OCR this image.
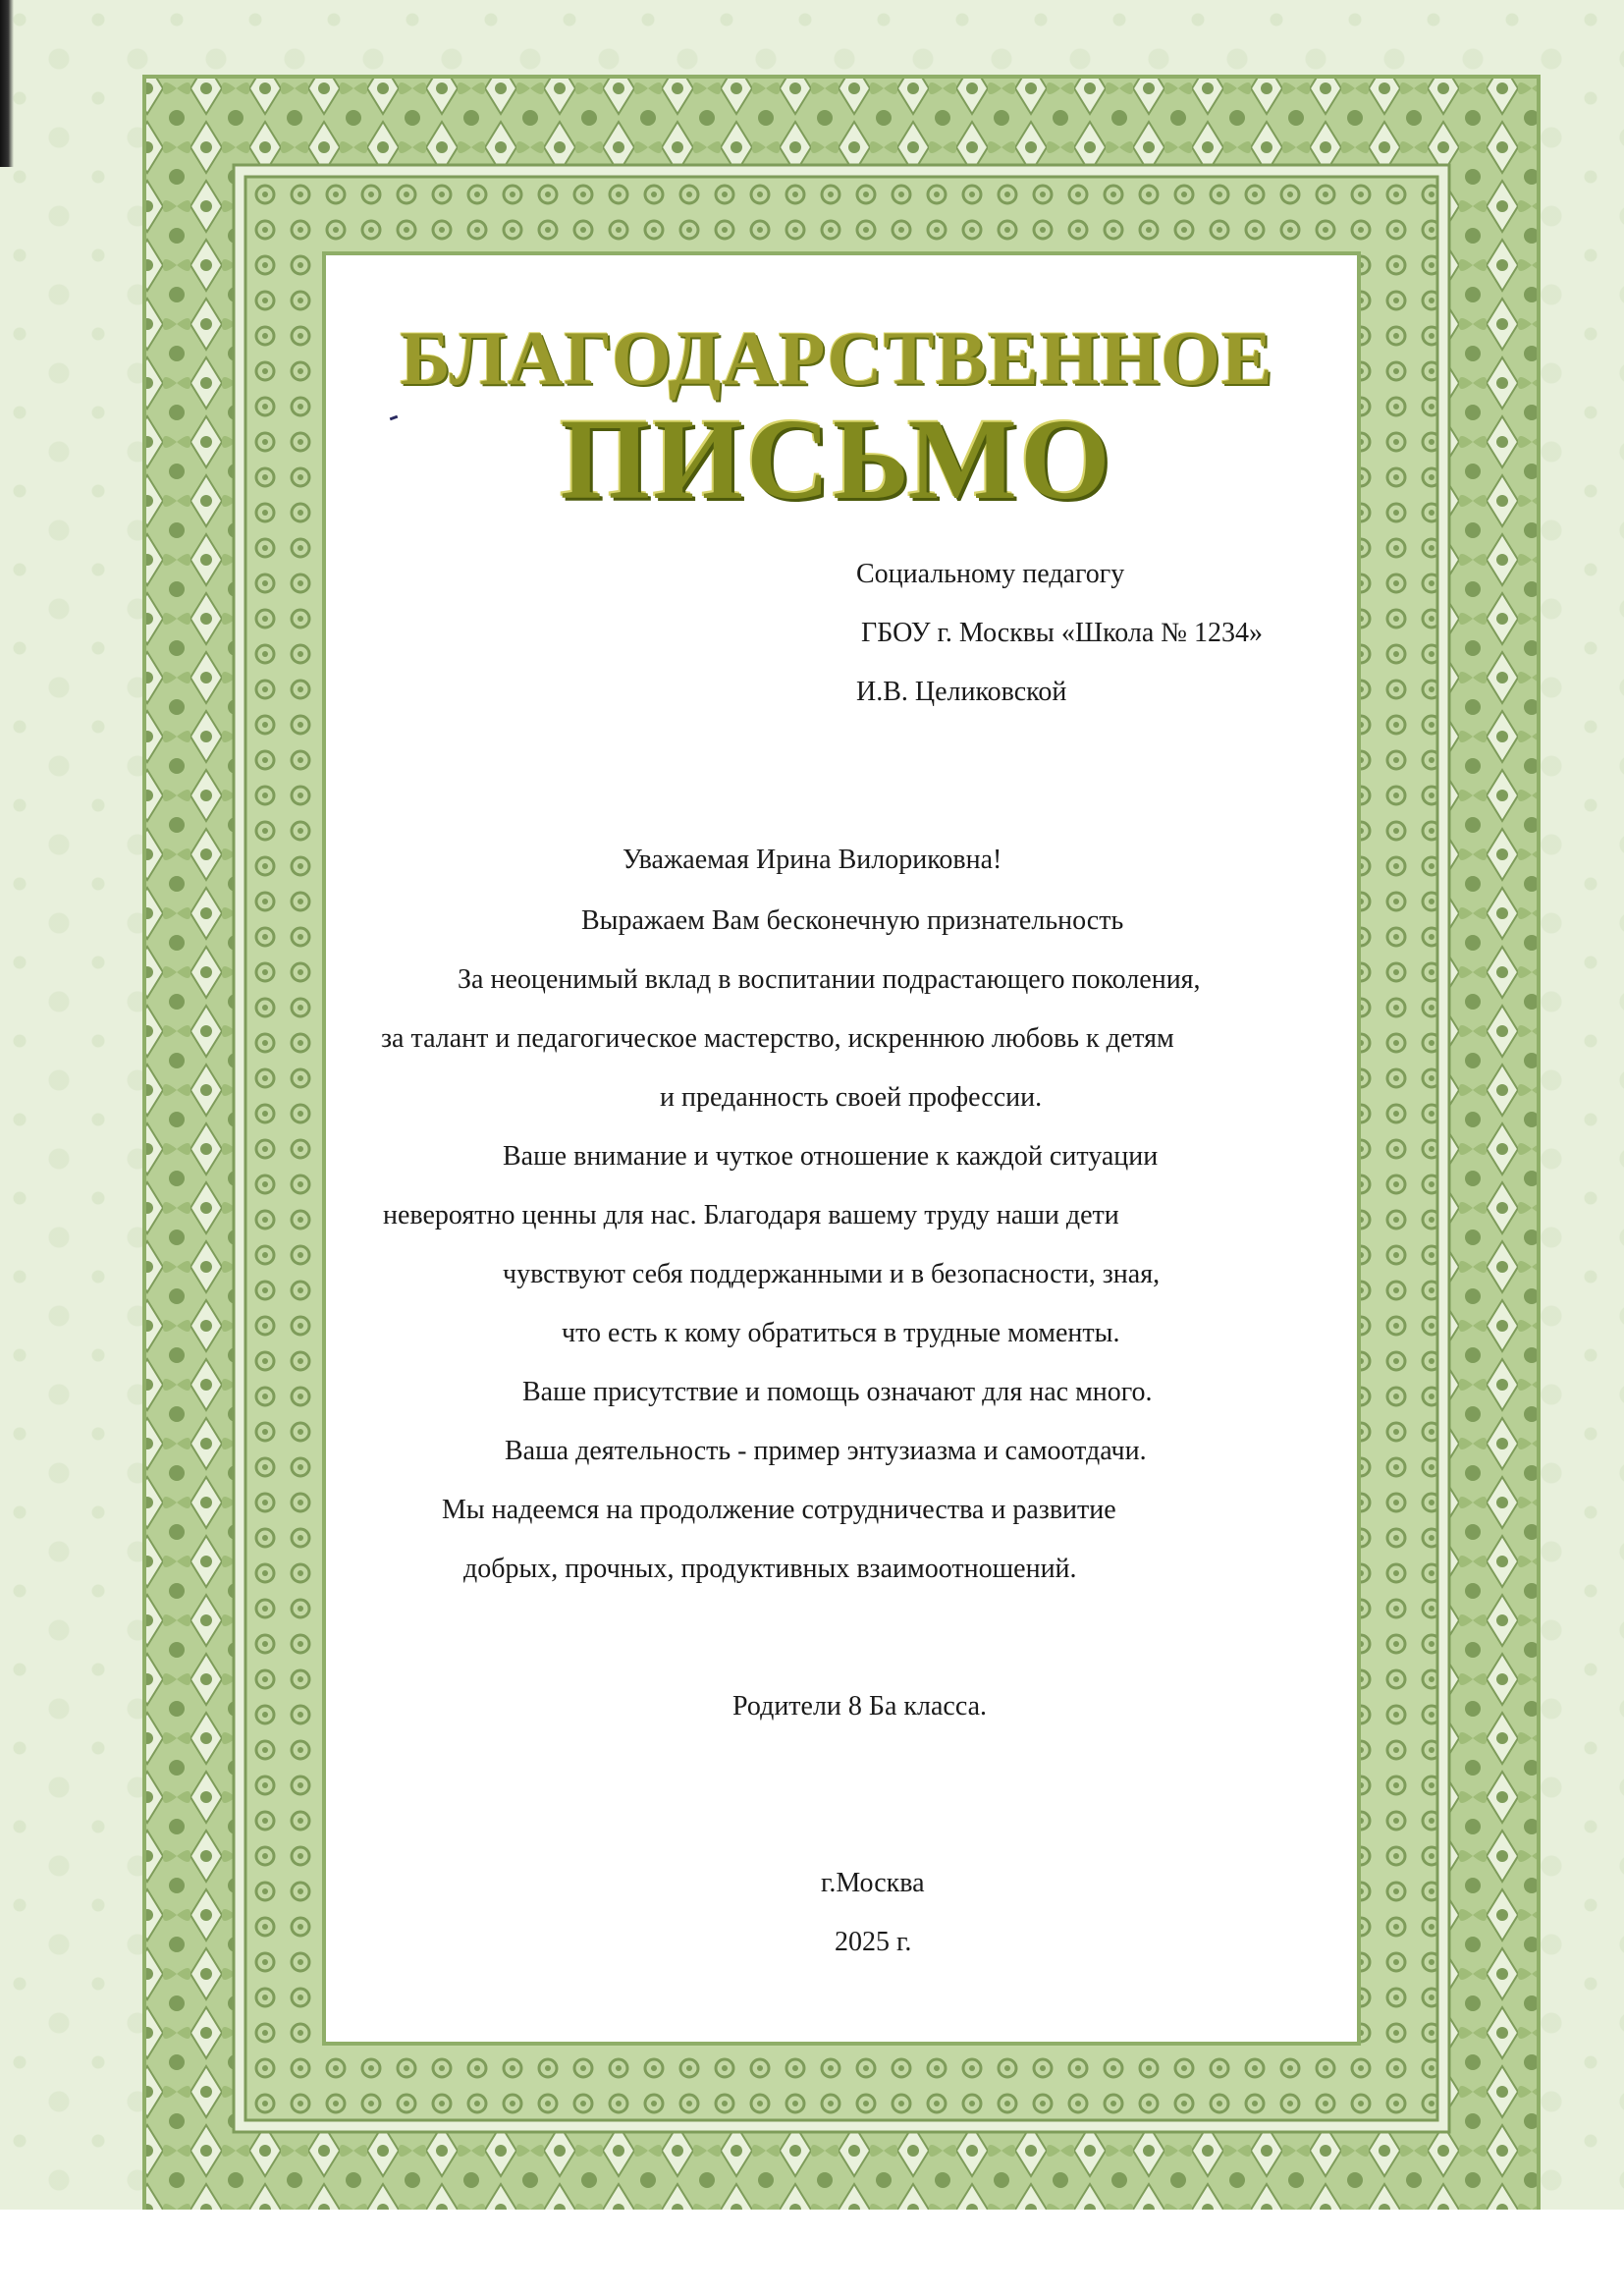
БЛАГОДАРСТВЕННОЕ
ПИСЬМО
Социальному педагогу
ГБОУ г. Москвы «Школа № 1234»
И.В. Целиковской
Уважаемая Ирина Вилориковна!
Выражаем Вам бесконечную признательность
За неоценимый вклад в воспитании подрастающего поколения,
за талант и педагогическое мастерство, искреннюю любовь к детям
и преданность своей профессии.
Ваше внимание и чуткое отношение к каждой ситуации
невероятно ценны для нас. Благодаря вашему труду наши дети
чувствуют себя поддержанными и в безопасности, зная,
что есть к кому обратиться в трудные моменты.
Ваше присутствие и помощь означают для нас много.
Ваша деятельность - пример энтузиазма и самоотдачи.
Мы надеемся на продолжение сотрудничества и развитие
добрых, прочных, продуктивных взаимоотношений.
Родители 8 Ба класса.
г.Москва
2025 г.
